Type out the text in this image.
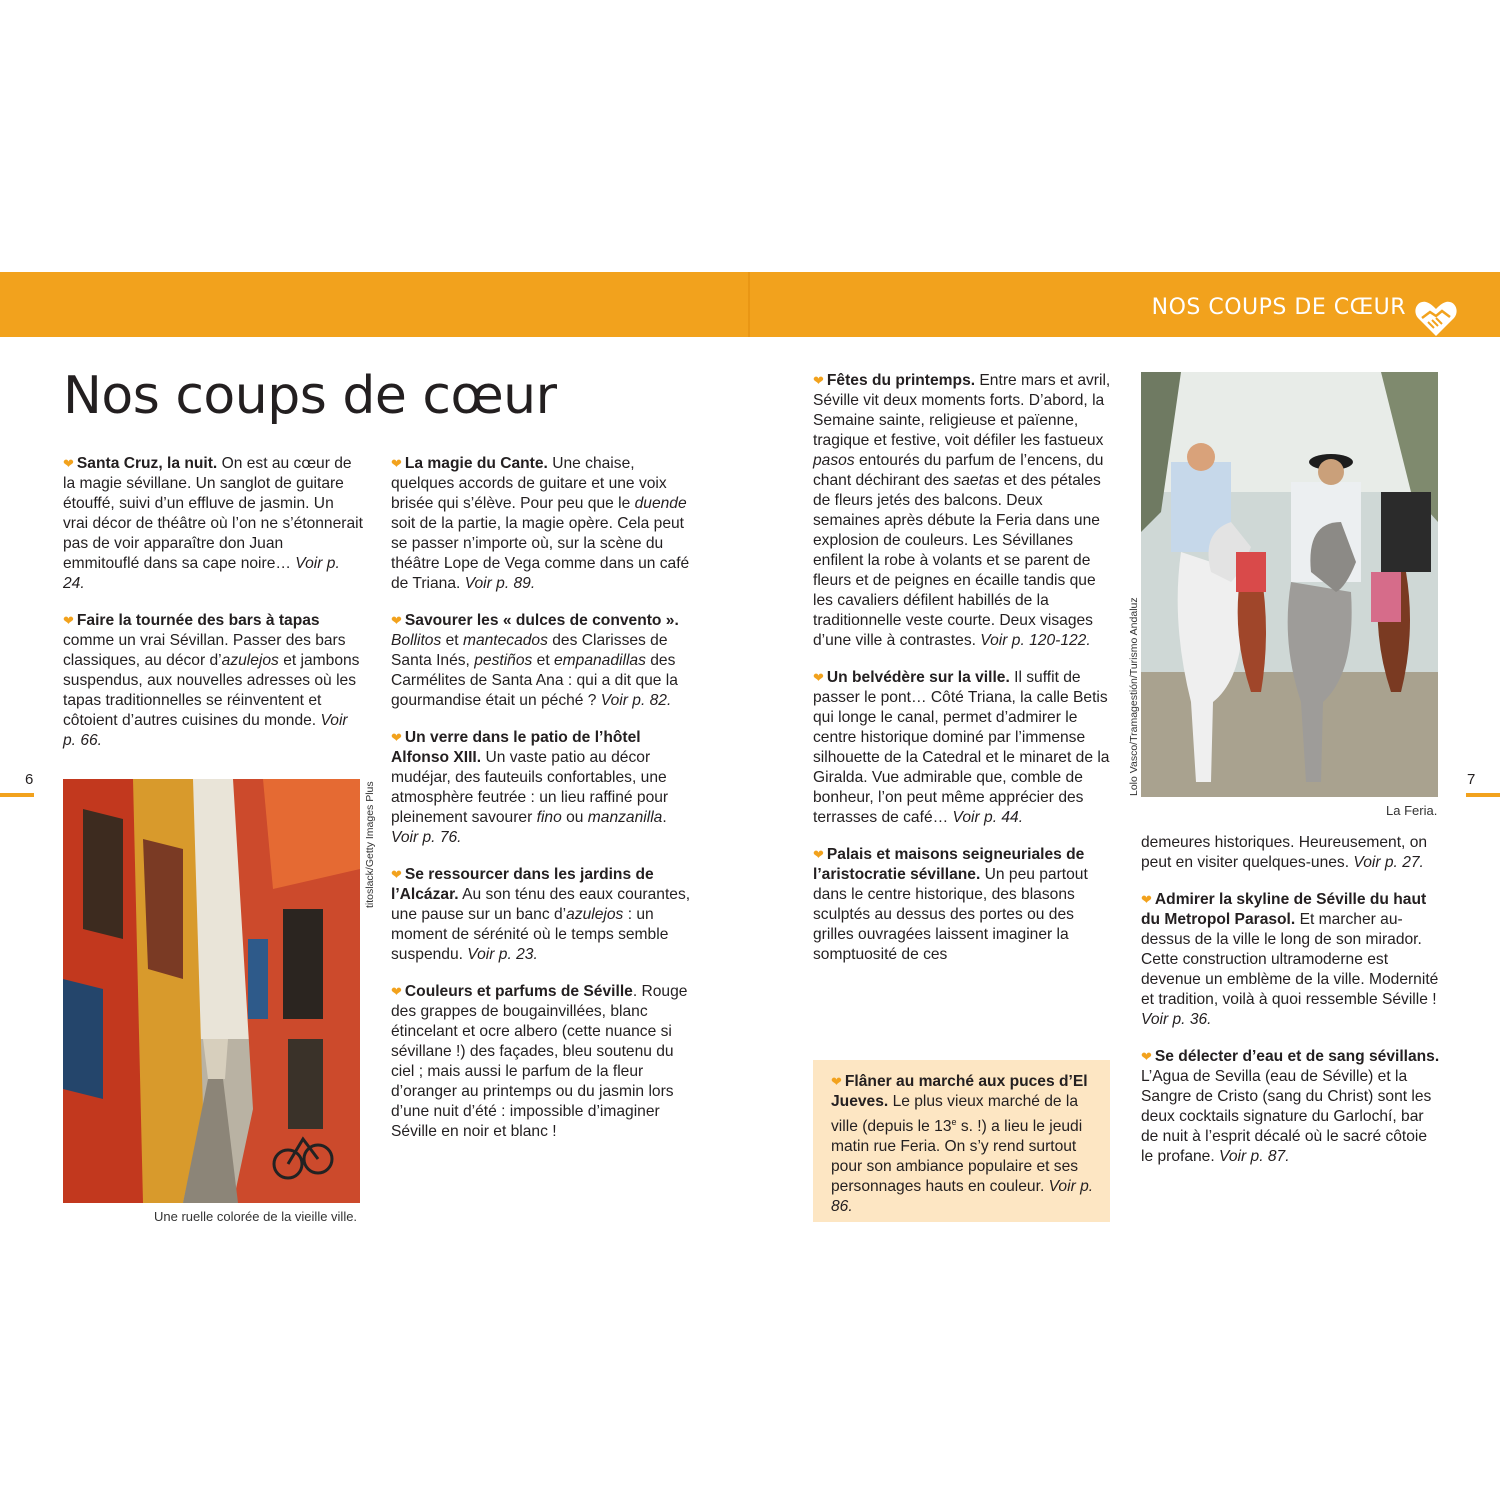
NOS COUPS DE CŒUR
Nos coups de cœur

❤ Santa Cruz, la nuit. On est au cœur de la magie sévillane. Un sanglot de guitare étouffé, suivi d’un effluve de jasmin. Un vrai décor de théâtre où l’on ne s’étonnerait pas de voir apparaître don Juan emmitouflé dans sa cape noire… Voir p. 24.

❤ Faire la tournée des bars à tapas comme un vrai Sévillan. Passer des bars classiques, au décor d’azulejos et jambons suspendus, aux nouvelles adresses où les tapas traditionnelles se réinventent et côtoient d’autres cuisines du monde. Voir p. 66.

6
titoslack/Getty Images Plus
Une ruelle colorée de la vieille ville.

❤ La magie du Cante. Une chaise, quelques accords de guitare et une voix brisée qui s’élève. Pour peu que le duende soit de la partie, la magie opère. Cela peut se passer n’importe où, sur la scène du théâtre Lope de Vega comme dans un café de Triana. Voir p. 89.

❤ Savourer les « dulces de convento ». Bollitos et mantecados des Clarisses de Santa Inés, pestiños et empanadillas des Carmélites de Santa Ana : qui a dit que la gourmandise était un péché ? Voir p. 82.

❤ Un verre dans le patio de l’hôtel Alfonso XIII. Un vaste patio au décor mudéjar, des fauteuils confortables, une atmosphère feutrée : un lieu raffiné pour pleinement savourer fino ou manzanilla. Voir p. 76.

❤ Se ressourcer dans les jardins de l’Alcázar. Au son ténu des eaux courantes, une pause sur un banc d’azulejos : un moment de sérénité où le temps semble suspendu. Voir p. 23.

❤ Couleurs et parfums de Séville. Rouge des grappes de bougainvillées, blanc étincelant et ocre albero (cette nuance si sévillane !) des façades, bleu soutenu du ciel ; mais aussi le parfum de la fleur d’oranger au printemps ou du jasmin lors d’une nuit d’été : impossible d’imaginer Séville en noir et blanc !

❤ Fêtes du printemps. Entre mars et avril, Séville vit deux moments forts. D’abord, la Semaine sainte, religieuse et païenne, tragique et festive, voit défiler les fastueux pasos entourés du parfum de l’encens, du chant déchirant des saetas et des pétales de fleurs jetés des balcons. Deux semaines après débute la Feria dans une explosion de couleurs. Les Sévillanes enfilent la robe à volants et se parent de fleurs et de peignes en écaille tandis que les cavaliers défilent habillés de la traditionnelle veste courte. Deux visages d’une ville à contrastes. Voir p. 120-122.

❤ Un belvédère sur la ville. Il suffit de passer le pont… Côté Triana, la calle Betis qui longe le canal, permet d’admirer le centre historique dominé par l’immense silhouette de la Catedral et le minaret de la Giralda. Vue admirable que, comble de bonheur, l’on peut même apprécier des terrasses de café… Voir p. 44.

❤ Palais et maisons seigneuriales de l’aristocratie sévillane. Un peu partout dans le centre historique, des blasons sculptés au dessus des portes ou des grilles ouvragées laissent imaginer la somptuosité de ces

❤ Flâner au marché aux puces d’El Jueves. Le plus vieux marché de la ville (depuis le 13e s. !) a lieu le jeudi matin rue Feria. On s’y rend surtout pour son ambiance populaire et ses personnages hauts en couleur. Voir p. 86.
Lolo Vasco/Tramagestión/Turismo Andaluz
La Feria.
7

demeures historiques. Heureusement, on peut en visiter quelques-unes. Voir p. 27.

❤ Admirer la skyline de Séville du haut du Metropol Parasol. Et marcher au-dessus de la ville le long de son mirador. Cette construction ultramoderne est devenue un emblème de la ville. Modernité et tradition, voilà à quoi ressemble Séville ! Voir p. 36.

❤ Se délecter d’eau et de sang sévillans. L’Agua de Sevilla (eau de Séville) et la Sangre de Cristo (sang du Christ) sont les deux cocktails signature du Garlochí, bar de nuit à l’esprit décalé où le sacré côtoie le profane. Voir p. 87.
